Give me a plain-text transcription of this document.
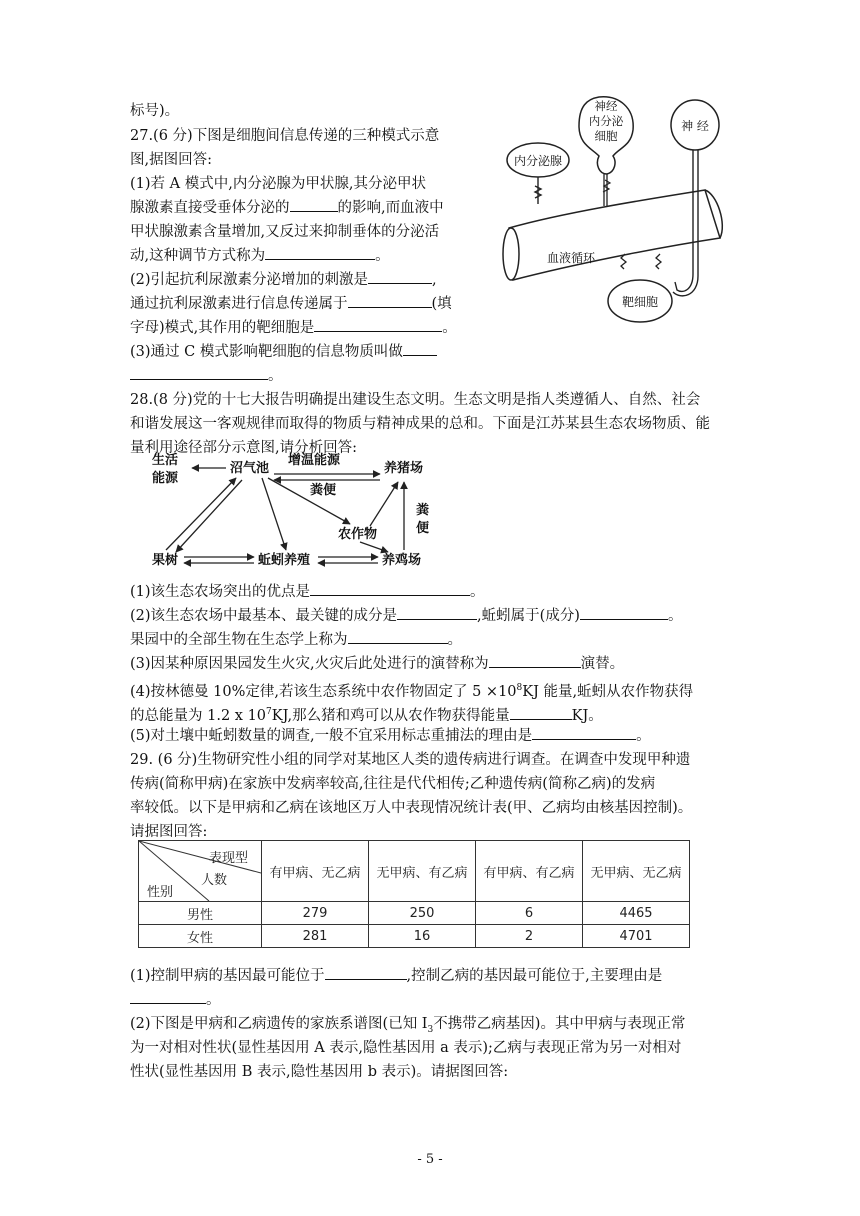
标号)。
27.(6 分)下图是细胞间信息传递的三种模式示意
图,据图回答:
(1)若 A 模式中,内分泌腺为甲状腺,其分泌甲状
腺激素直接受垂体分泌的	的影响,而血液中
甲状腺激素含量增加,又反过来抑制垂体的分泌活
动,这种调节方式称为	。
(2)引起抗利尿激素分泌增加的刺激是	,
通过抗利尿激素进行信息传递属于	(填
字母)模式,其作用的靶细胞是	。
(3)通过 C 模式影响靶细胞的信息物质叫做
。
内分泌腺
神经
内分泌
细胞
神 经
血液循环
靶细胞
28.(8 分)党的十七大报告明确提出建设生态文明。生态文明是指人类遵循人、自然、社会
和谐发展这一客观规律而取得的物质与精神成果的总和。下面是江苏某县生态农场物质、能
量利用途径部分示意图,请分析回答:
生活
能源
沼气池
增温能源
养猪场
粪便
粪
便
农作物
果树	蚯蚓养殖	养鸡场
(1)该生态农场突出的优点是	。
(2)该生态农场中最基本、最关键的成分是	,蚯蚓属于(成分)	。
果园中的全部生物在生态学上称为	。
(3)因某种原因果园发生火灾,火灾后此处进行的演替称为	演替。
(4)按林德曼 10%定律,若该生态系统中农作物固定了 $5 \times 10^8KJ$ 能量,蚯蚓从农作物获得
的总能量为 1.2 x $10^7KJ$,那么猪和鸡可以从农作物获得能量	KJ。
(5)对土壤中蚯蚓数量的调查,一般不宜采用标志重捕法的理由是	。
29. (6 分)生物研究性小组的同学对某地区人类的遗传病进行调查。在调查中发现甲种遗
传病(简称甲病)在家族中发病率较高,往往是代代相传;乙种遗传病(简称乙病)的发病
率较低。以下是甲病和乙病在该地区万人中表现情况统计表(甲、乙病均由核基因控制)。
请据图回答:
表现型
人数
性别	有甲病、无乙病	无甲病、有乙病	有甲病、有乙病	无甲病、无乙病
男性	279	250	6	4465
女性	281	16	2	4701
(1)控制甲病的基因最可能位于	,控制乙病的基因最可能位于,主要理由是
。
(2)下图是甲病和乙病遗传的家族系谱图(已知 $I_3$不携带乙病基因)。其中甲病与表现正常
为一对相对性状(显性基因用 A 表示,隐性基因用 a 表示);乙病与表现正常为另一对相对
性状(显性基因用 B 表示,隐性基因用 b 表示)。请据图回答:
- 5 -
